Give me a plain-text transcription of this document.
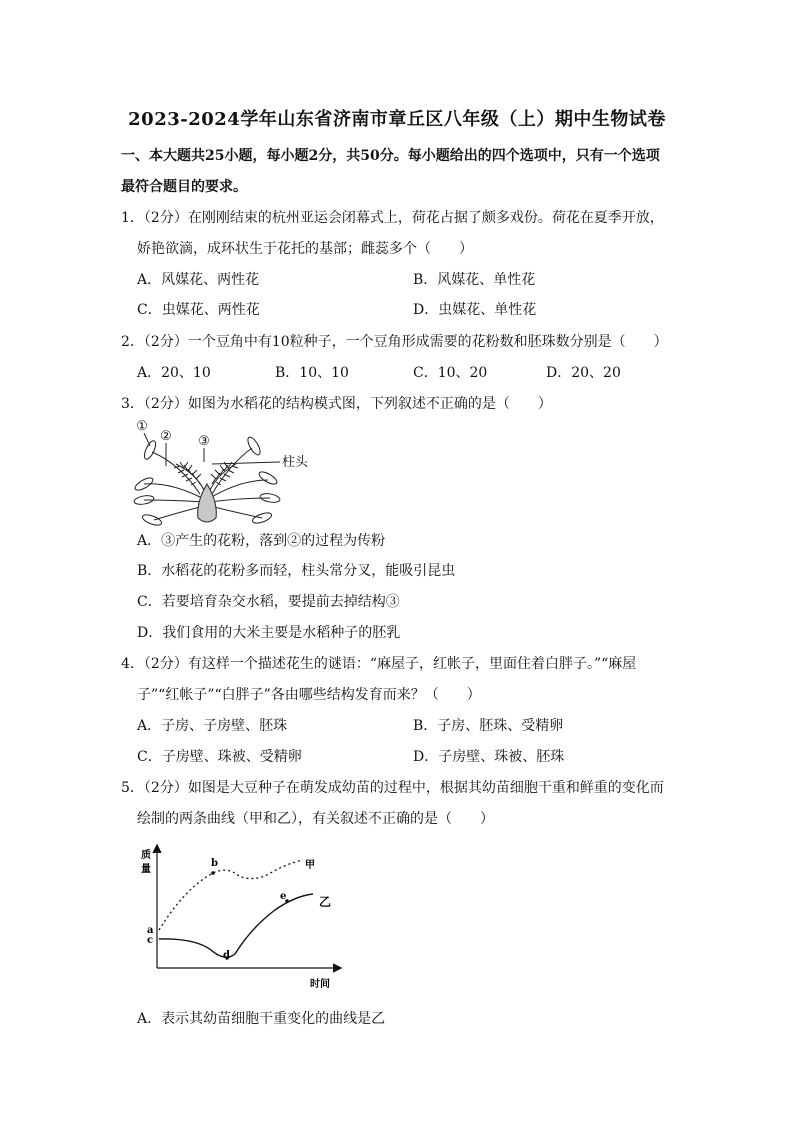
2023-2024学年山东省济南市章丘区八年级（上）期中生物试卷
一、本大题共25小题，每小题2分，共50分。每小题给出的四个选项中，只有一个选项
最符合题目的要求。
1．（2分）在刚刚结束的杭州亚运会闭幕式上，荷花占据了颇多戏份。荷花在夏季开放，
娇艳欲滴，成环状生于花托的基部；雌蕊多个（　　）
A．风媒花、两性花	B．风媒花、单性花
C．虫媒花、两性花	D．虫媒花、单性花
2．（2分）一个豆角中有10粒种子，一个豆角形成需要的花粉数和胚珠数分别是（　　）
A．20、10	B．10、10	C．10、20	D．20、20
3．（2分）如图为水稻花的结构模式图，下列叙述不正确的是（　　）
①
② ③
柱头
A．③产生的花粉，落到②的过程为传粉
B．水稻花的花粉多而轻，柱头常分叉，能吸引昆虫
C．若要培育杂交水稻，要提前去掉结构③
D．我们食用的大米主要是水稻种子的胚乳
4．（2分）有这样一个描述花生的谜语：“麻屋子，红帐子，里面住着白胖子。”“麻屋
子”“红帐子”“白胖子”各由哪些结构发育而来？（　　）
A．子房、子房壁、胚珠	B．子房、胚珠、受精卵
C．子房壁、珠被、受精卵	D．子房壁、珠被、胚珠
5．（2分）如图是大豆种子在萌发成幼苗的过程中，根据其幼苗细胞干重和鲜重的变化而
绘制的两条曲线（甲和乙），有关叙述不正确的是（　　）
质
量
时间
a
b
c
d
e
甲
乙
A．表示其幼苗细胞干重变化的曲线是乙
